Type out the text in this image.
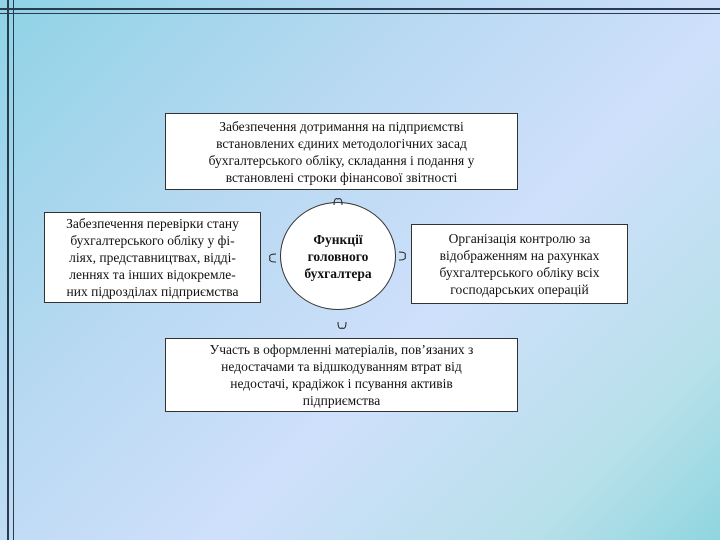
Забезпечення дотримання на підприємстві
встановлених єдиних методологічних засад
бухгалтерського обліку, складання і подання у
встановлені строки фінансової звітності
Забезпечення перевірки стану
бухгалтерського обліку у фі-
ліях, представництвах, відді-
леннях та інших відокремле-
них підрозділах підприємства
Організація контролю за
відображенням на рахунках
бухгалтерського обліку всіх
господарських операцій
Участь в оформленні матеріалів, пов’язаних з
недостачами та відшкодуванням втрат від
недостачі, крадіжок і псування активів
підприємства
Функції
головного
бухгалтера
